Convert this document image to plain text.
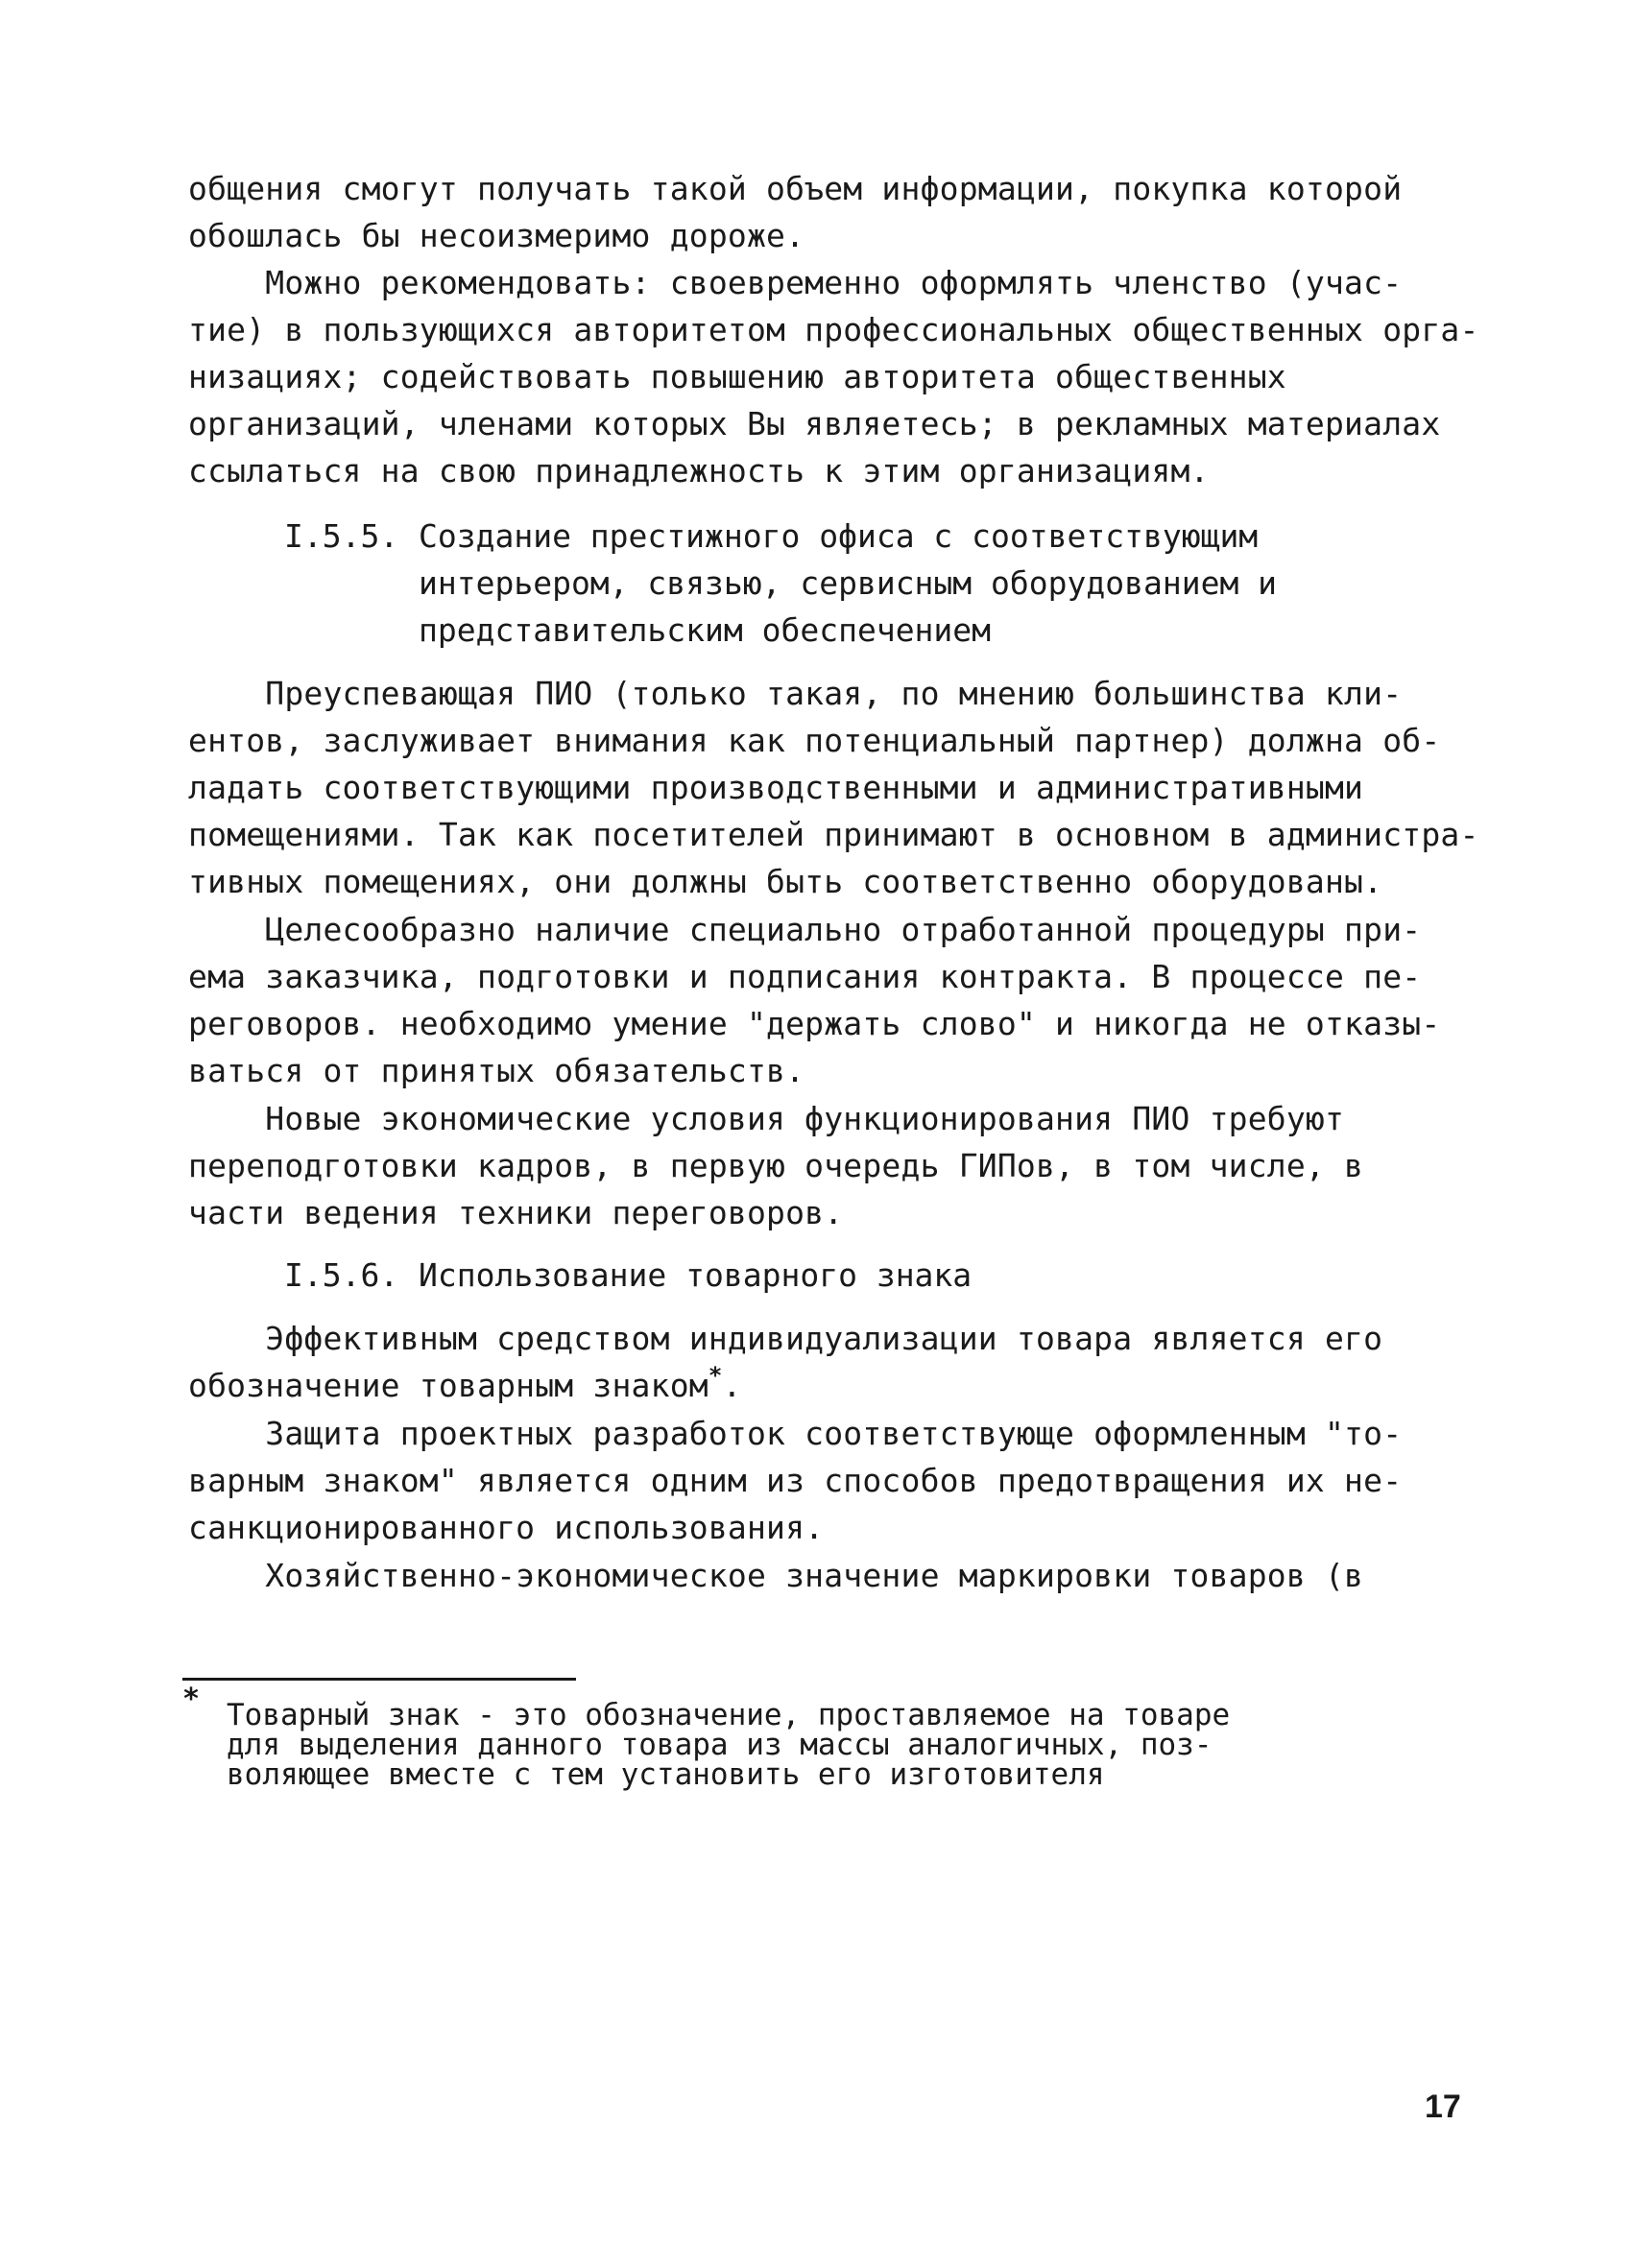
общения смогут получать такой объем информации, покупка которой
обошлась бы несоизмеримо дороже.
Можно рекомендовать: своевременно оформлять членство (учас-
тие) в пользующихся авторитетом профессиональных общественных орга-
низациях; содействовать повышению авторитета общественных
организаций, членами которых Вы являетесь; в рекламных материалах
ссылаться на свою принадлежность к этим организациям.
I.5.5. Создание престижного офиса с соответствующим
интерьером, связью, сервисным оборудованием и
представительским обеспечением
Преуспевающая ПИО (только такая, по мнению большинства кли-
ентов, заслуживает внимания как потенциальный партнер) должна об-
ладать соответствующими производственными и административными
помещениями. Так как посетителей принимают в основном в администра-
тивных помещениях, они должны быть соответственно оборудованы.
Целесообразно наличие специально отработанной процедуры при-
ема заказчика, подготовки и подписания контракта. В процессе пе-
реговоров. необходимо умение "держать слово" и никогда не отказы-
ваться от принятых обязательств.
Новые экономические условия функционирования ПИО требуют
переподготовки кадров, в первую очередь ГИПов, в том числе, в
части ведения техники переговоров.
I.5.6. Использование товарного знака
Эффективным средством индивидуализации товара является его
обозначение товарным знаком*.
Защита проектных разработок соответствующе оформленным "то-
варным знаком" является одним из способов предотвращения их не-
санкционированного использования.
Хозяйственно-экономическое значение маркировки товаров (в
* Товарный знак - это обозначение, проставляемое на товаре
для выделения данного товара из массы аналогичных, поз-
воляющее вместе с тем установить его изготовителя
17
